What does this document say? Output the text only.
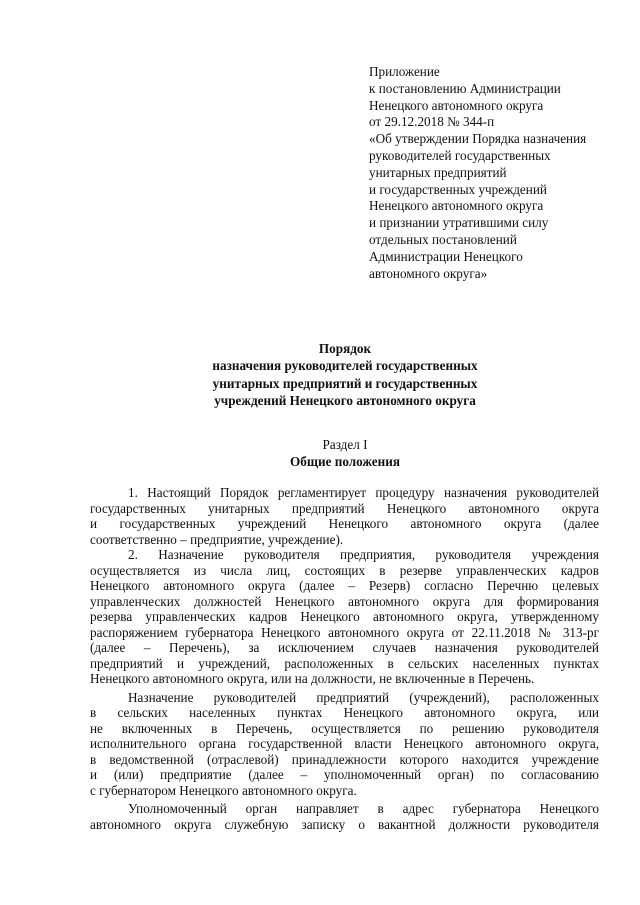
Приложение
к постановлению Администрации
Ненецкого автономного округа
от 29.12.2018 № 344-п
«Об утверждении Порядка назначения
руководителей государственных
унитарных предприятий
и государственных учреждений
Ненецкого автономного округа
и признании утратившими силу
отдельных постановлений
Администрации Ненецкого
автономного округа»
Порядок
назначения руководителей государственных
унитарных предприятий и государственных
учреждений Ненецкого автономного округа
Раздел I
Общие положения

1. Настоящий Порядок регламентирует процедуру назначения руководителей
государственных унитарных предприятий Ненецкого автономного округа
и государственных учреждений Ненецкого автономного округа (далее
соответственно – предприятие, учреждение).

2. Назначение руководителя предприятия, руководителя учреждения
осуществляется из числа лиц, состоящих в резерве управленческих кадров
Ненецкого автономного округа (далее – Резерв) согласно Перечню целевых
управленческих должностей Ненецкого автономного округа для формирования
резерва управленческих кадров Ненецкого автономного округа, утвержденному
распоряжением губернатора Ненецкого автономного округа от 22.11.2018 № 313-рг
(далее – Перечень), за исключением случаев назначения руководителей
предприятий и учреждений, расположенных в сельских населенных пунктах
Ненецкого автономного округа, или на должности, не включенные в Перечень.

Назначение руководителей предприятий (учреждений), расположенных
в сельских населенных пунктах Ненецкого автономного округа, или
не включенных в Перечень, осуществляется по решению руководителя
исполнительного органа государственной власти Ненецкого автономного округа,
в ведомственной (отраслевой) принадлежности которого находится учреждение
и (или) предприятие (далее – уполномоченный орган) по согласованию
с губернатором Ненецкого автономного округа.

Уполномоченный орган направляет в адрес губернатора Ненецкого
автономного округа служебную записку о вакантной должности руководителя
